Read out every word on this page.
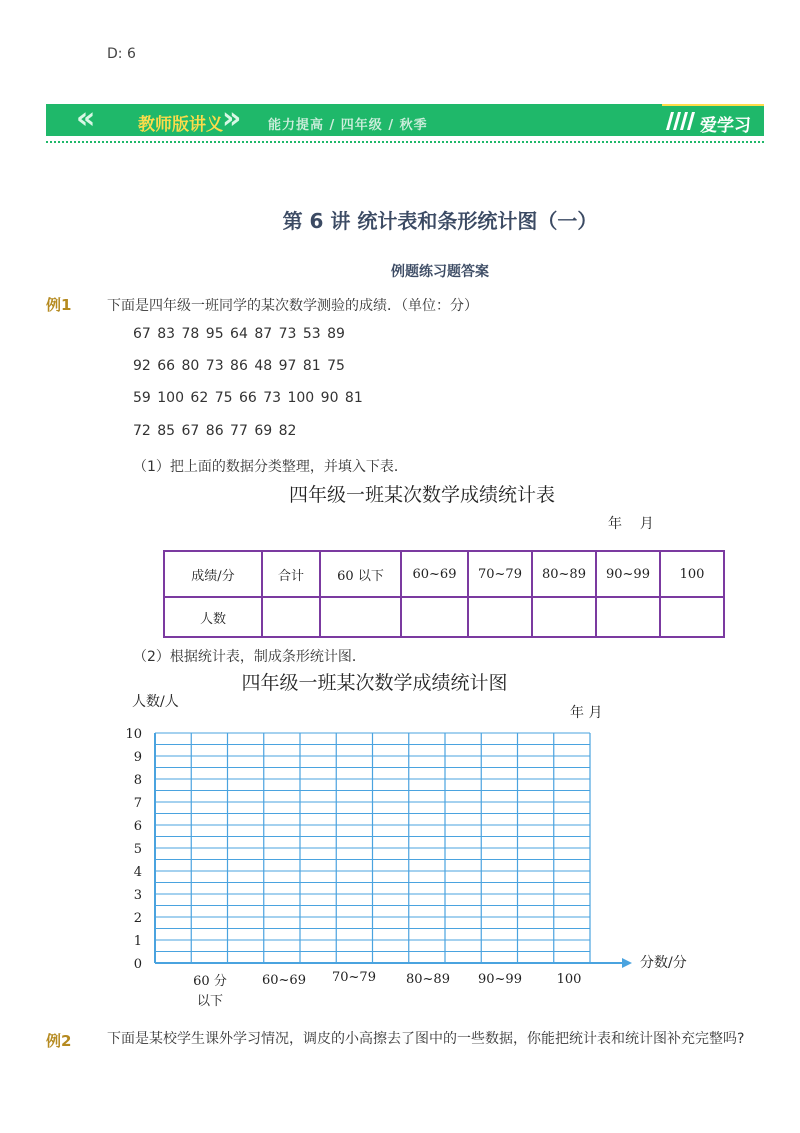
D: 6
«	»
教师版讲义	能力提高 / 四年级 / 秋季	爱学习
第 6 讲 统计表和条形统计图（一）
例题练习题答案
例1	下面是四年级一班同学的某次数学测验的成绩．（单位：分）
67 83 78 95 64 87 73 53 89
92 66 80 73 86 48 97 81 75
59 100 62 75 66 73 100 90 81
72 85 67 86 77 69 82
（1）把上面的数据分类整理，并填入下表．
四年级一班某次数学成绩统计表
年    月
成绩/分	合计	60 以下	60~69	70~79	80~89	90~99	100
人数							
（2）根据统计表，制成条形统计图．
四年级一班某次数学成绩统计图
0
1
2
3
4
5
6
7
8
9
10
人数/人
分数/分
年 月
60 分
以下
60~69 70~79 80~89 90~99	100
例2	下面是某校学生课外学习情况，调皮的小高擦去了图中的一些数据，你能把统计表和统计图补充完整吗?
